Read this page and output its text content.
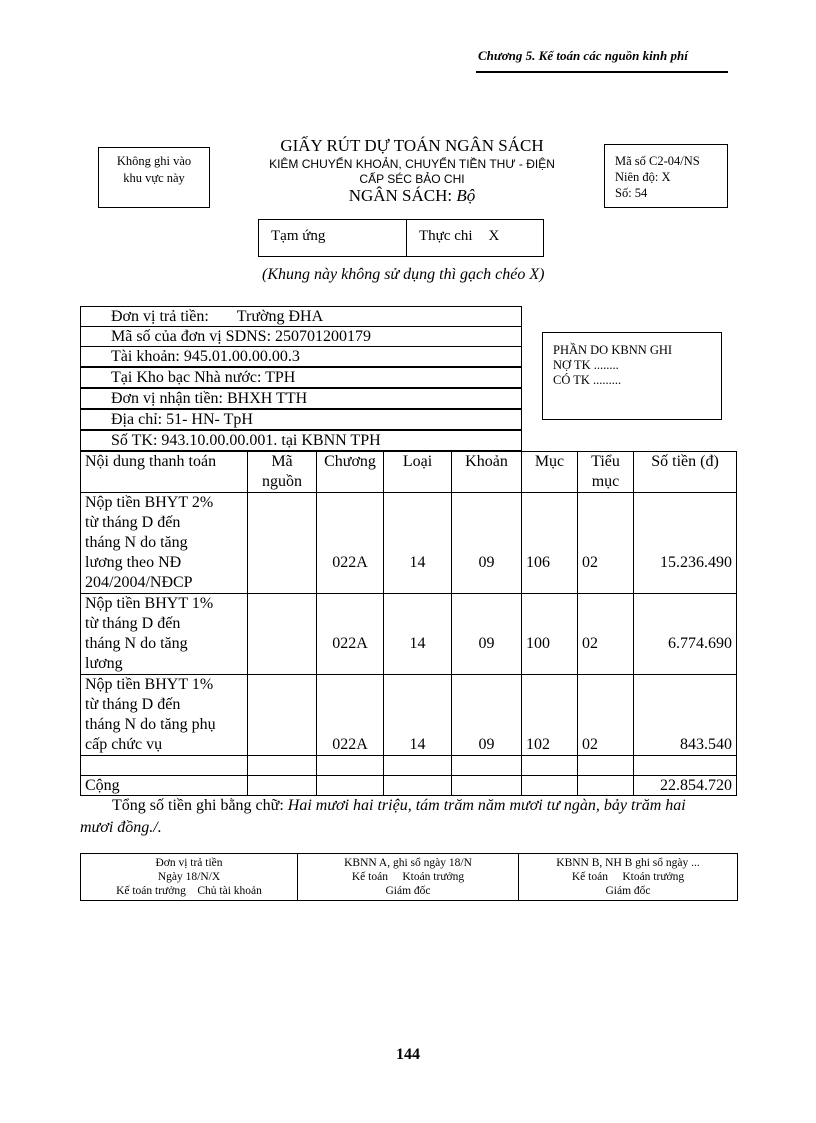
Chương 5. Kế toán các nguồn kinh phí
Không ghi vào
khu vực này
GIẤY RÚT DỰ TOÁN NGÂN SÁCH
KIÊM CHUYỂN KHOẢN, CHUYỂN TIỀN THƯ - ĐIỆN
CẤP SÉC BẢO CHI
NGÂN SÁCH: Bộ
Mã số C2-04/NS
Niên độ: X
Số: 54
Tạm ứng	Thực chi X
(Khung này không sử dụng thì gạch chéo X)
Đơn vị trả tiền: Trường ĐHA
Mã số của đơn vị SDNS: 250701200179
Tài khoản: 945.01.00.00.00.3
Tại Kho bạc Nhà nước: TPH
Đơn vị nhận tiền: BHXH TTH
Địa chỉ: 51- HN- TpH
Số TK: 943.10.00.00.001. tại KBNN TPH
PHẦN DO KBNN GHI
NỢ TK ........
CÓ TK .........
Nội dung thanh toán	Mã nguồn	Chương	Loại	Khoản	Mục	Tiểu mục	Số tiền (đ)

Nộp tiền BHYT 2%
từ tháng D đến
tháng N do tăng
lương theo NĐ
204/2004/NĐCP		022A	14	09	106	02	15.236.490

Nộp tiền BHYT 1%
từ tháng D đến
tháng N do tăng
lương		022A	14	09	100	02	6.774.690

Nộp tiền BHYT 1%
từ tháng D đến
tháng N do tăng phụ
cấp chức vụ		022A	14	09	102	02	843.540

Cộng							22.854.720
Tổng số tiền ghi bằng chữ: Hai mươi hai triệu, tám trăm năm mươi tư ngàn, bảy trăm hai mươi đồng./.
Đơn vị trả tiền
Ngày 18/N/X
Kế toán trưởng    Chủ tài khoản

KBNN A, ghi sổ ngày 18/N
Kế toán     Ktoán trưởng
Giám đốc

KBNN B, NH B ghi sổ ngày ...
Kế toán     Ktoán trưởng
Giám đốc
144
